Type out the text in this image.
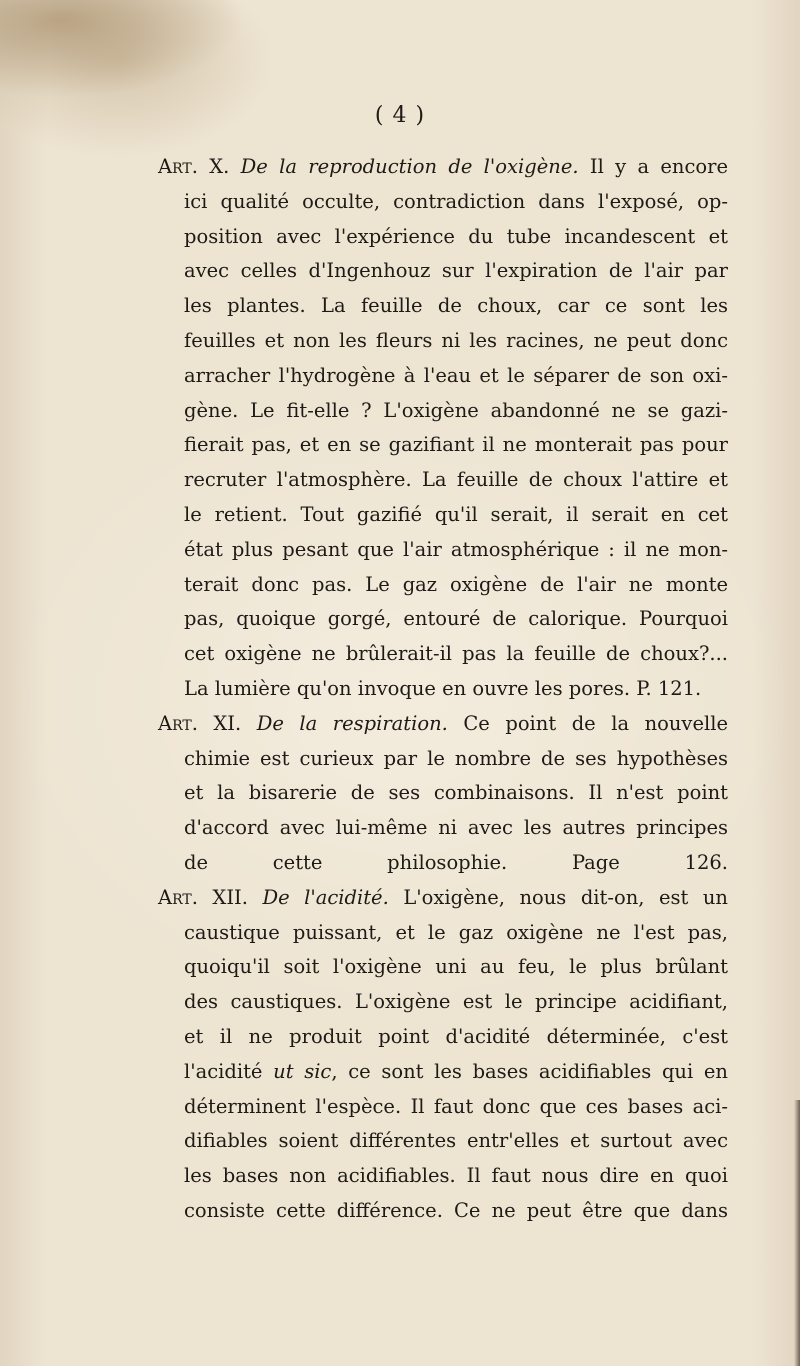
( 4 )
Art. X. De la reproduction de l'oxigène. Il y a encore
ici qualité occulte, contradiction dans l'exposé, op-
position avec l'expérience du tube incandescent et
avec celles d'Ingenhouz sur l'expiration de l'air par
les plantes. La feuille de choux, car ce sont les
feuilles et non les fleurs ni les racines, ne peut donc
arracher l'hydrogène à l'eau et le séparer de son oxi-
gène. Le fit-elle ? L'oxigène abandonné ne se gazi-
fierait pas, et en se gazifiant il ne monterait pas pour
recruter l'atmosphère. La feuille de choux l'attire et
le retient. Tout gazifié qu'il serait, il serait en cet
état plus pesant que l'air atmosphérique : il ne mon-
terait donc pas. Le gaz oxigène de l'air ne monte
pas, quoique gorgé, entouré de calorique. Pourquoi
cet oxigène ne brûlerait-il pas la feuille de choux?...
La lumière qu'on invoque en ouvre les pores. P. 121.
Art. XI. De la respiration. Ce point de la nouvelle
chimie est curieux par le nombre de ses hypothèses
et la bisarerie de ses combinaisons. Il n'est point
d'accord avec lui-même ni avec les autres principes
de cette philosophie. Page 126.
Art. XII. De l'acidité. L'oxigène, nous dit-on, est un
caustique puissant, et le gaz oxigène ne l'est pas,
quoiqu'il soit l'oxigène uni au feu, le plus brûlant
des caustiques. L'oxigène est le principe acidifiant,
et il ne produit point d'acidité déterminée, c'est
l'acidité ut sic, ce sont les bases acidifiables qui en
déterminent l'espèce. Il faut donc que ces bases aci-
difiables soient différentes entr'elles et surtout avec
les bases non acidifiables. Il faut nous dire en quoi
consiste cette différence. Ce ne peut être que dans
